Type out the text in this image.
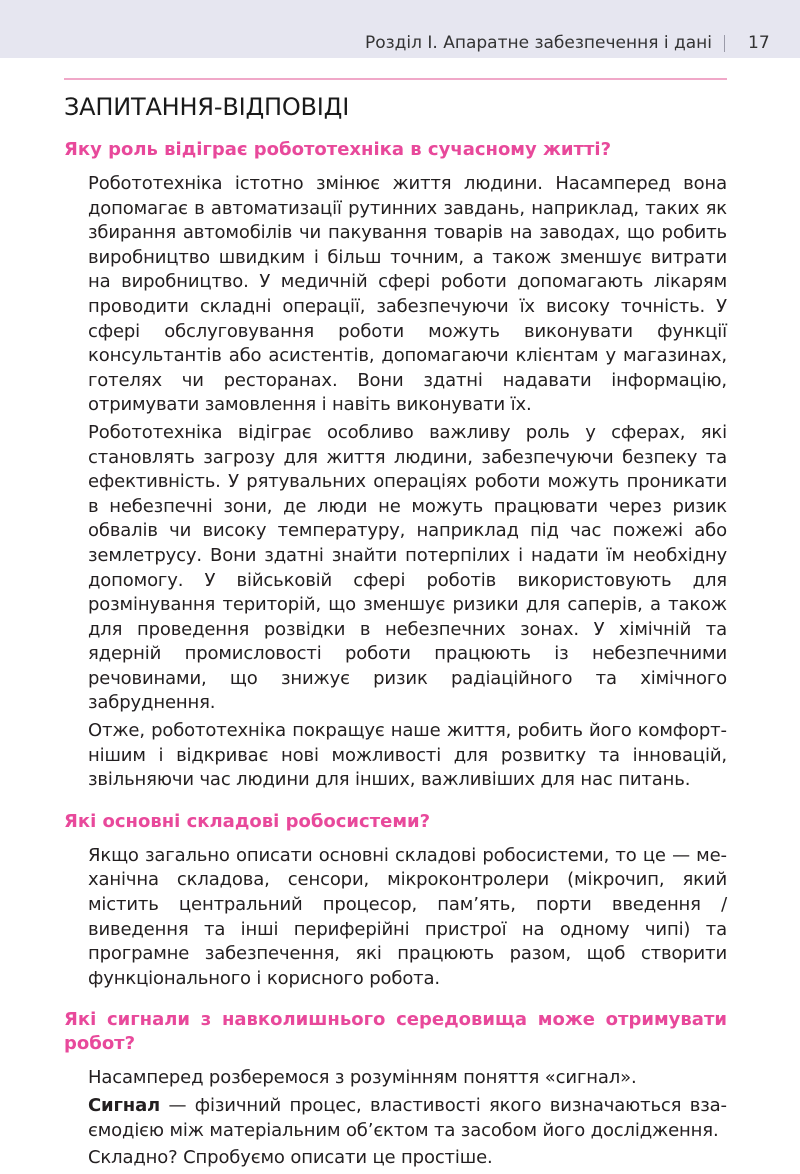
Розділ І. Апаратне забезпечення і дані 17
ЗАПИТАННЯ-ВІДПОВІДІ
Яку роль відіграє робототехніка в сучасному житті?

Робототехніка істотно змінює життя людини. Насамперед вона допомагає в автоматизації рутинних завдань, наприклад, таких як збирання автомобілів чи пакування товарів на заводах, що робить виробництво швидким і більш точним, а також зменшує витрати на виробництво. У медичній сфері роботи допомагають лікарям проводити складні операції, забезпечуючи їх високу точність. У сфері обслуговування роботи можуть виконувати функції консультантів або асистентів, допомагаючи клієнтам у магазинах, готелях чи ресторанах. Вони здатні надавати інформацію, отримувати замовлення і навіть виконувати їх.

Робототехніка відіграє особливо важливу роль у сферах, які становлять загрозу для життя людини, забезпечуючи безпеку та ефективність. У рятувальних операціях роботи можуть проникати в небезпечні зони, де люди не можуть працювати через ризик обвалів чи високу температуру, наприклад під час пожежі або землетрусу. Вони здатні знайти потерпілих і надати їм необхідну допомогу. У військовій сфері роботів використовують для розмінування територій, що зменшує ризики для саперів, а також для проведення розвідки в небезпечних зонах. У хімічній та ядерній промисловості роботи працюють із небезпечними речовинами, що знижує ризик радіаційного та хімічного забруднення.

Отже, робототехніка покращує наше життя, робить його комфортнішим і відкриває нові можливості для розвитку та інновацій, звільняючи час людини для інших, важливіших для нас питань.

Які основні складові робосистеми?

Якщо загально описати основні складові робосистеми, то це — механічна складова, сенсори, мікроконтролери (мікрочип, який містить центральний процесор, пам’ять, порти введення / виведення та інші периферійні пристрої на одному чипі) та програмне забезпечення, які працюють разом, щоб створити функціонального і корисного робота.

Які сигнали з навколишнього середовища може отримувати робот?

Насамперед розберемося з розумінням поняття «сигнал».

Сигнал — фізичний процес, властивості якого визначаються взаємодією між матеріальним об’єктом та засобом його дослідження.

Складно? Спробуємо описати це простіше.
